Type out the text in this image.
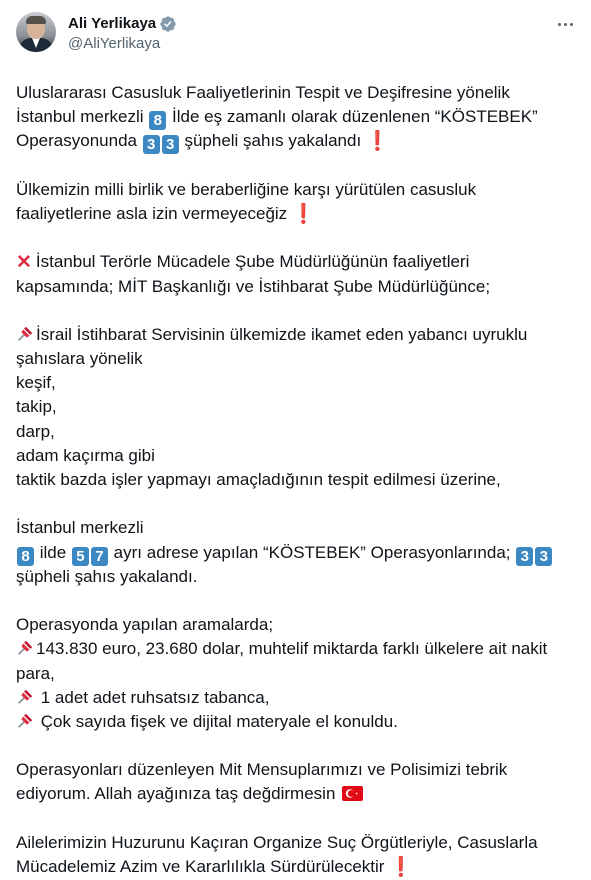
Ali Yerlikaya
@AliYerlikaya
Uluslararası Casusluk Faaliyetlerinin Tespit ve Deşifresine yönelik
İstanbul merkezli 8 İlde eş zamanlı olarak düzenlenen “KÖSTEBEK”
Operasyonunda 3 3 şüpheli şahıs yakalandı ❗
Ülkemizin milli birlik ve beraberliğine karşı yürütülen casusluk
faaliyetlerine asla izin vermeyeceğiz ❗
✕ İstanbul Terörle Mücadele Şube Müdürlüğünün faaliyetleri
kapsamında; MİT Başkanlığı ve İstihbarat Şube Müdürlüğünce;
İsrail İstihbarat Servisinin ülkemizde ikamet eden yabancı uyruklu
şahıslara yönelik
keşif,
takip,
darp,
adam kaçırma gibi
taktik bazda işler yapmayı amaçladığının tespit edilmesi üzerine,
İstanbul merkezli
8 ilde 5 7 ayrı adrese yapılan “KÖSTEBEK” Operasyonlarında; 3 3
şüpheli şahıs yakalandı.
Operasyonda yapılan aramalarda;
143.830 euro, 23.680 dolar, muhtelif miktarda farklı ülkelere ait nakit
para,
1 adet adet ruhsatsız tabanca,
Çok sayıda fişek ve dijital materyale el konuldu.
Operasyonları düzenleyen Mit Mensuplarımızı ve Polisimizi tebrik
ediyorum. Allah ayağınıza taş değdirmesin
Ailelerimizin Huzurunu Kaçıran Organize Suç Örgütleriyle, Casuslarla
Mücadelemiz Azim ve Kararlılıkla Sürdürülecektir ❗
